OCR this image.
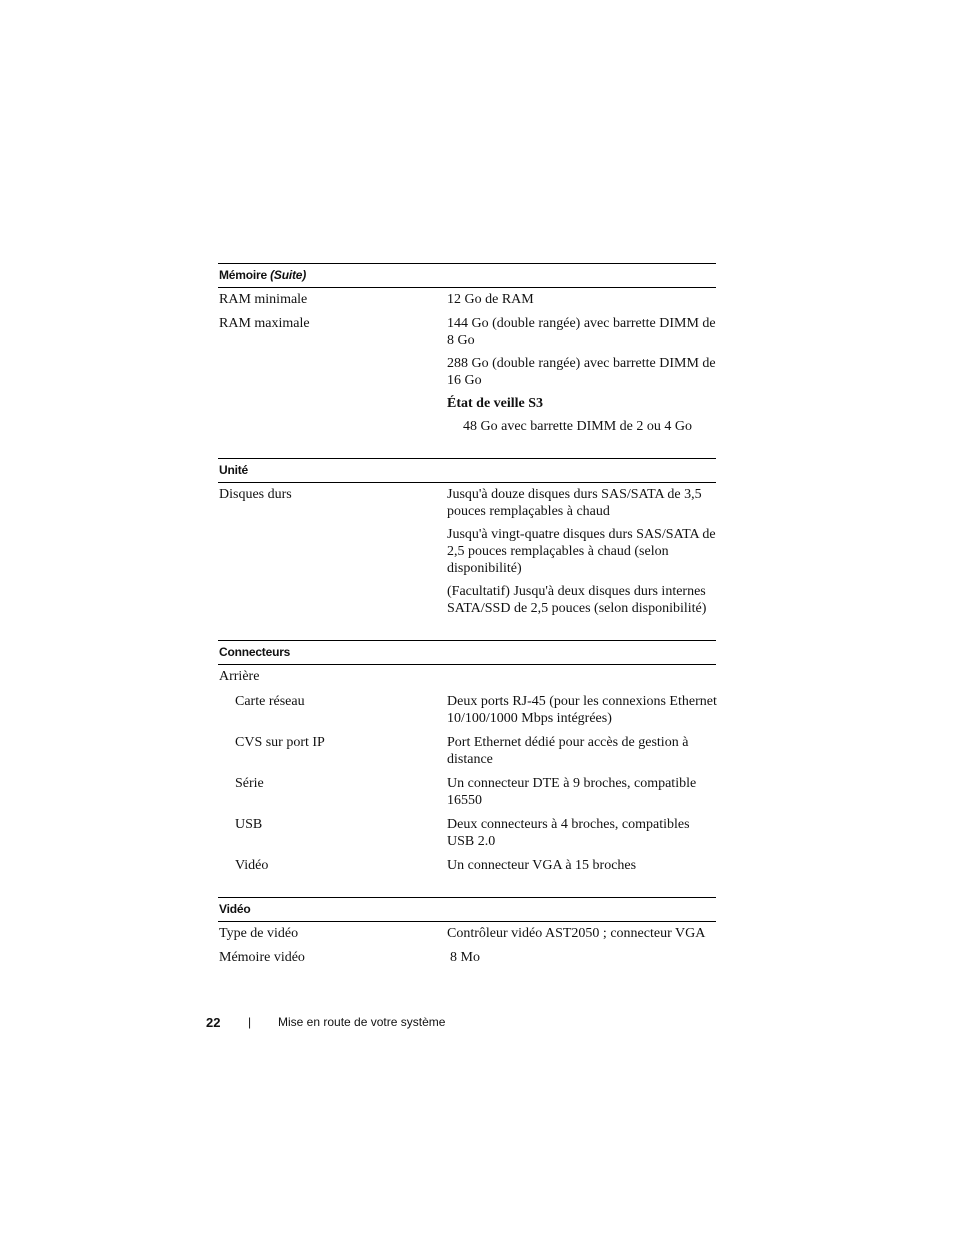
Mémoire (Suite)
RAM minimale	12 Go de RAM

RAM maximale	144 Go (double rangée) avec barrette DIMM de 8 Go

288 Go (double rangée) avec barrette DIMM de 16 Go

État de veille S3

48 Go avec barrette DIMM de 2 ou 4 Go

Unité
Disques durs	Jusqu'à douze disques durs SAS/SATA de 3,5 pouces remplaçables à chaud

Jusqu'à vingt-quatre disques durs SAS/SATA de 2,5 pouces remplaçables à chaud (selon disponibilité)

(Facultatif) Jusqu'à deux disques durs internes SATA/SSD de 2,5 pouces (selon disponibilité)

Connecteurs
Arrière
Carte réseau	Deux ports RJ-45 (pour les connexions Ethernet 10/100/1000 Mbps intégrées)

CVS sur port IP	Port Ethernet dédié pour accès de gestion à distance

Série	Un connecteur DTE à 9 broches, compatible 16550

USB	Deux connecteurs à 4 broches, compatibles USB 2.0

Vidéo	Un connecteur VGA à 15 broches

Vidéo
Type de vidéo	Contrôleur vidéo AST2050 ; connecteur VGA

Mémoire vidéo	8 Mo

22 | Mise en route de votre système
